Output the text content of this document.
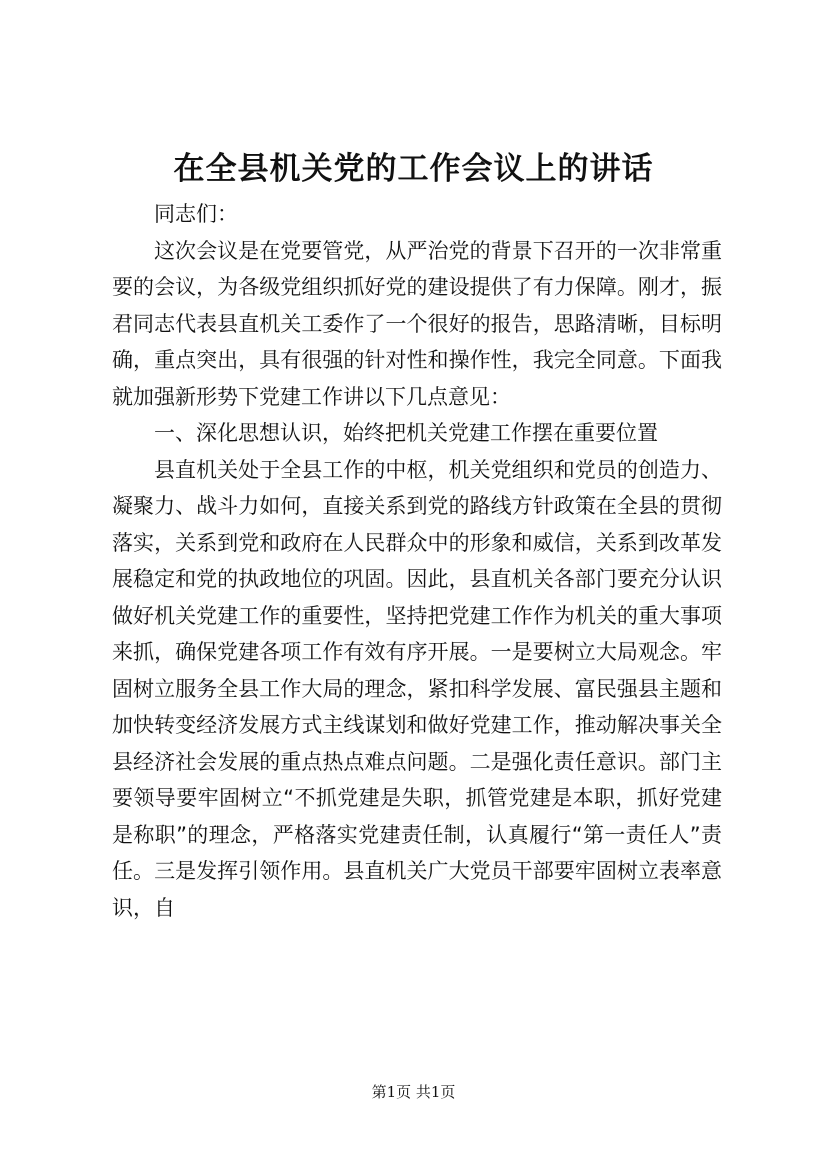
在全县机关党的工作会议上的讲话

同志们：

这次会议是在党要管党，从严治党的背景下召开的一次非常重要的会议，为各级党组织抓好党的建设提供了有力保障。刚才，振君同志代表县直机关工委作了一个很好的报告，思路清晰，目标明确，重点突出，具有很强的针对性和操作性，我完全同意。下面我就加强新形势下党建工作讲以下几点意见：

一、深化思想认识，始终把机关党建工作摆在重要位置

县直机关处于全县工作的中枢，机关党组织和党员的创造力、凝聚力、战斗力如何，直接关系到党的路线方针政策在全县的贯彻落实，关系到党和政府在人民群众中的形象和威信，关系到改革发展稳定和党的执政地位的巩固。因此，县直机关各部门要充分认识做好机关党建工作的重要性，坚持把党建工作作为机关的重大事项来抓，确保党建各项工作有效有序开展。一是要树立大局观念。牢固树立服务全县工作大局的理念，紧扣科学发展、富民强县主题和加快转变经济发展方式主线谋划和做好党建工作，推动解决事关全县经济社会发展的重点热点难点问题。二是强化责任意识。部门主要领导要牢固树立“不抓党建是失职，抓管党建是本职，抓好党建是称职”的理念，严格落实党建责任制，认真履行“第一责任人”责任。三是发挥引领作用。县直机关广大党员干部要牢固树立表率意识，自

第1页 共1页
